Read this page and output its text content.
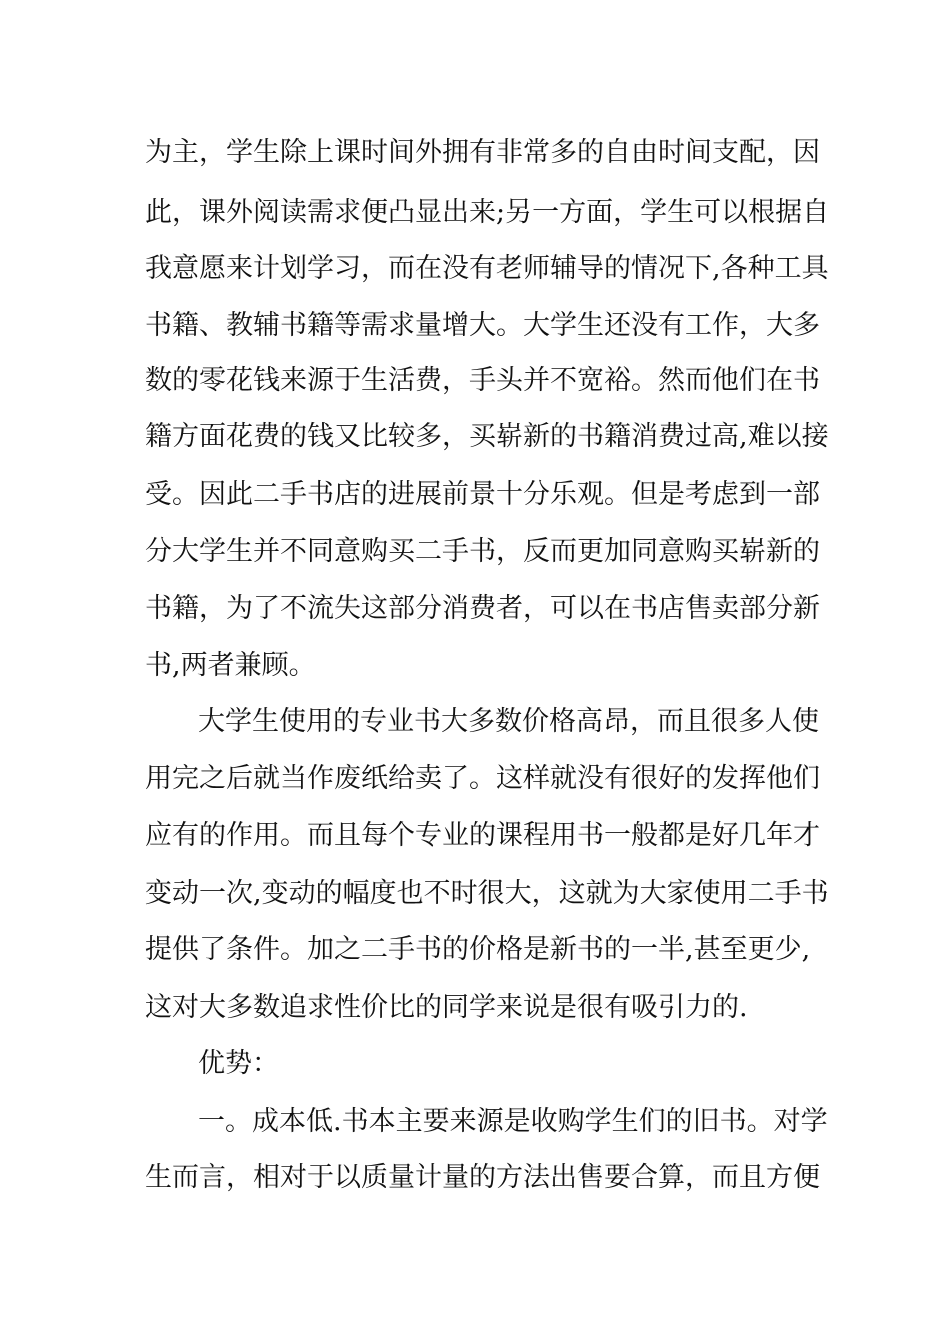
为主，学生除上课时间外拥有非常多的自由时间支配，因
此，课外阅读需求便凸显出来;另一方面，学生可以根据自
我意愿来计划学习，而在没有老师辅导的情况下,各种工具
书籍、教辅书籍等需求量增大。大学生还没有工作，大多
数的零花钱来源于生活费，手头并不宽裕。然而他们在书
籍方面花费的钱又比较多，买崭新的书籍消费过高,难以接
受。因此二手书店的进展前景十分乐观。但是考虑到一部
分大学生并不同意购买二手书，反而更加同意购买崭新的
书籍，为了不流失这部分消费者，可以在书店售卖部分新
书,两者兼顾。
大学生使用的专业书大多数价格高昂，而且很多人使
用完之后就当作废纸给卖了。这样就没有很好的发挥他们
应有的作用。而且每个专业的课程用书一般都是好几年才
变动一次,变动的幅度也不时很大，这就为大家使用二手书
提供了条件。加之二手书的价格是新书的一半,甚至更少,
这对大多数追求性价比的同学来说是很有吸引力的.
优势：
一。成本低.书本主要来源是收购学生们的旧书。对学
生而言，相对于以质量计量的方法出售要合算，而且方便
